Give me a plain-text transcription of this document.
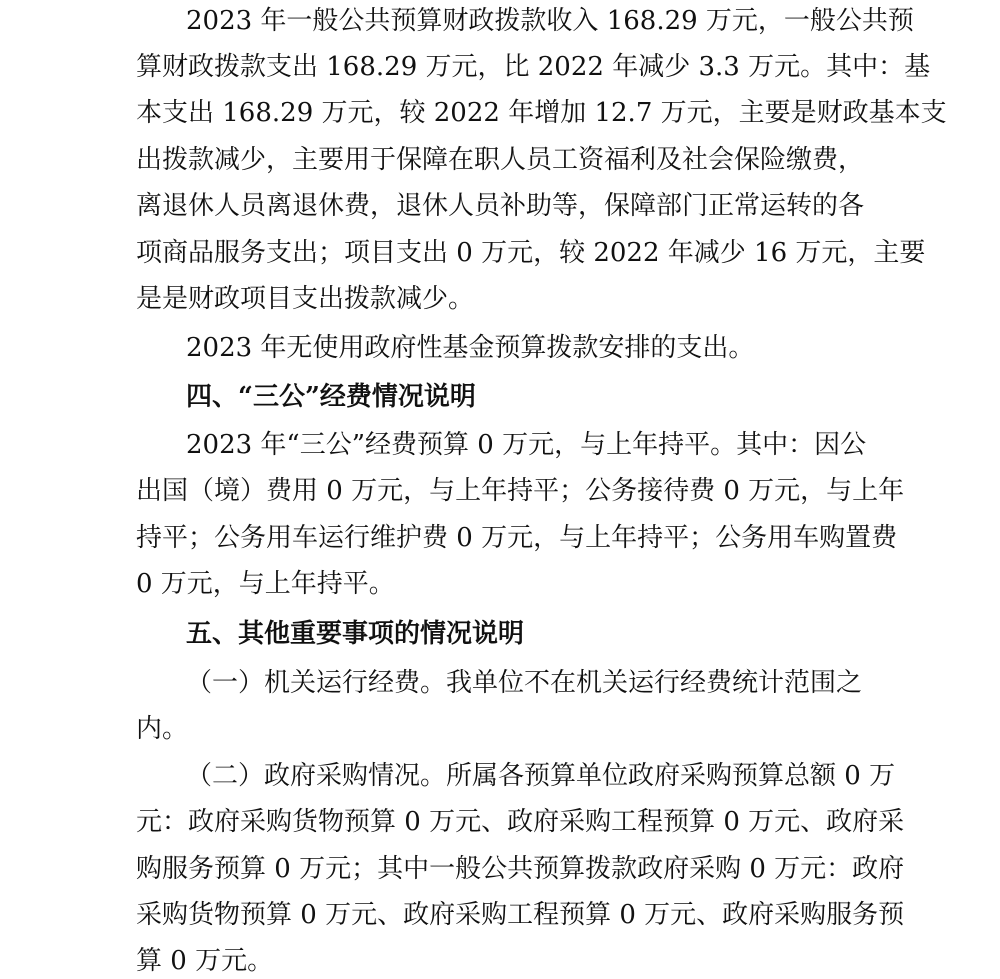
2023 年一般公共预算财政拨款收入 168.29 万元，一般公共预
算财政拨款支出 168.29 万元，比 2022 年减少 3.3 万元。其中：基
本支出 168.29 万元，较 2022 年增加 12.7 万元，主要是财政基本支
出拨款减少，主要用于保障在职人员工资福利及社会保险缴费，
离退休人员离退休费，退休人员补助等，保障部门正常运转的各
项商品服务支出；项目支出 0 万元，较 2022 年减少 16 万元，主要
是是财政项目支出拨款减少。
2023 年无使用政府性基金预算拨款安排的支出。
四、“三公”经费情况说明
2023 年“三公”经费预算 0 万元，与上年持平。其中：因公
出国（境）费用 0 万元，与上年持平；公务接待费 0 万元，与上年
持平；公务用车运行维护费 0 万元，与上年持平；公务用车购置费
0 万元，与上年持平。
五、其他重要事项的情况说明
（一）机关运行经费。我单位不在机关运行经费统计范围之
内。
（二）政府采购情况。所属各预算单位政府采购预算总额 0 万
元：政府采购货物预算 0 万元、政府采购工程预算 0 万元、政府采
购服务预算 0 万元；其中一般公共预算拨款政府采购 0 万元：政府
采购货物预算 0 万元、政府采购工程预算 0 万元、政府采购服务预
算 0 万元。
